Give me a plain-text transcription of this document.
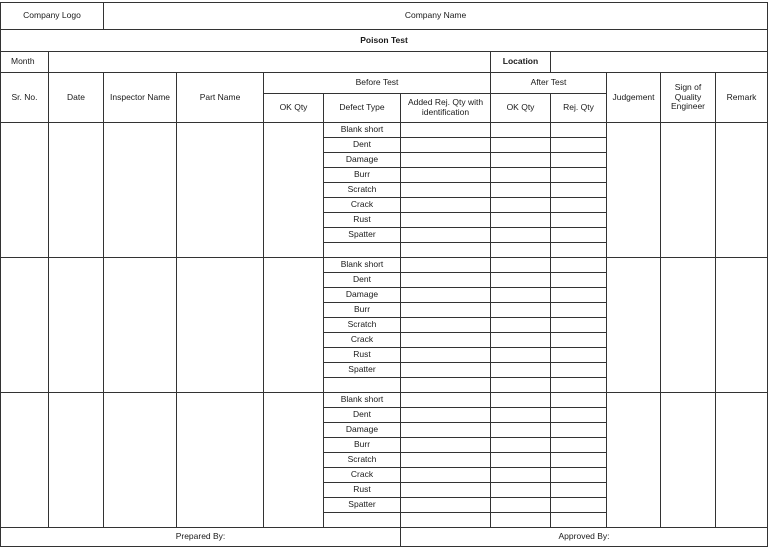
Company Logo		Company Name									
Poison Test											
Month							Location				
Sr. No.	Date	Inspector Name	Part Name	Before Test			After Test		Judgement	Sign of Quality Engineer	Remark
				OK Qty	Defect Type	Added Rej. Qty with identification	OK Qty	Rej. Qty			
					Blank short						
					Dent						
					Damage						
					Burr						
					Scratch						
					Crack						
					Rust						
					Spatter						

					Blank short						
					Dent						
					Damage						
					Burr						
					Scratch						
					Crack						
					Rust						
					Spatter						

					Blank short						
					Dent						
					Damage						
					Burr						
					Scratch						
					Crack						
					Rust						
					Spatter						

Prepared By:						Approved By:					
